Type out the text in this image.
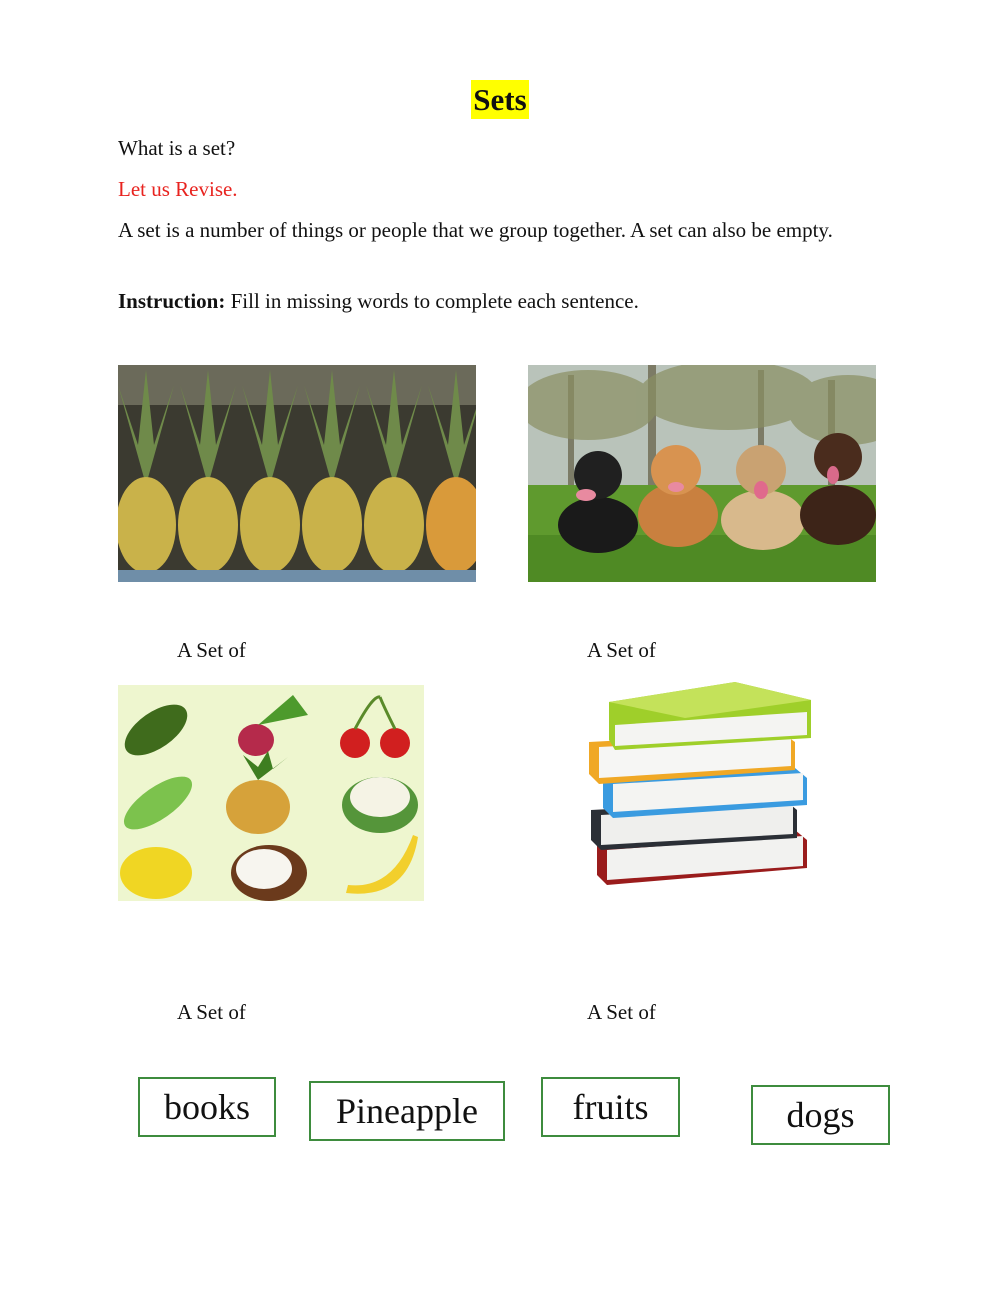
Sets
What is a set?
Let us Revise.
A set is a number of things or people that we group together. A set can also be empty.
Instruction: Fill in missing words to complete each sentence.
A Set of	A Set of
A Set of	A Set of
books	Pineapple	fruits	dogs
